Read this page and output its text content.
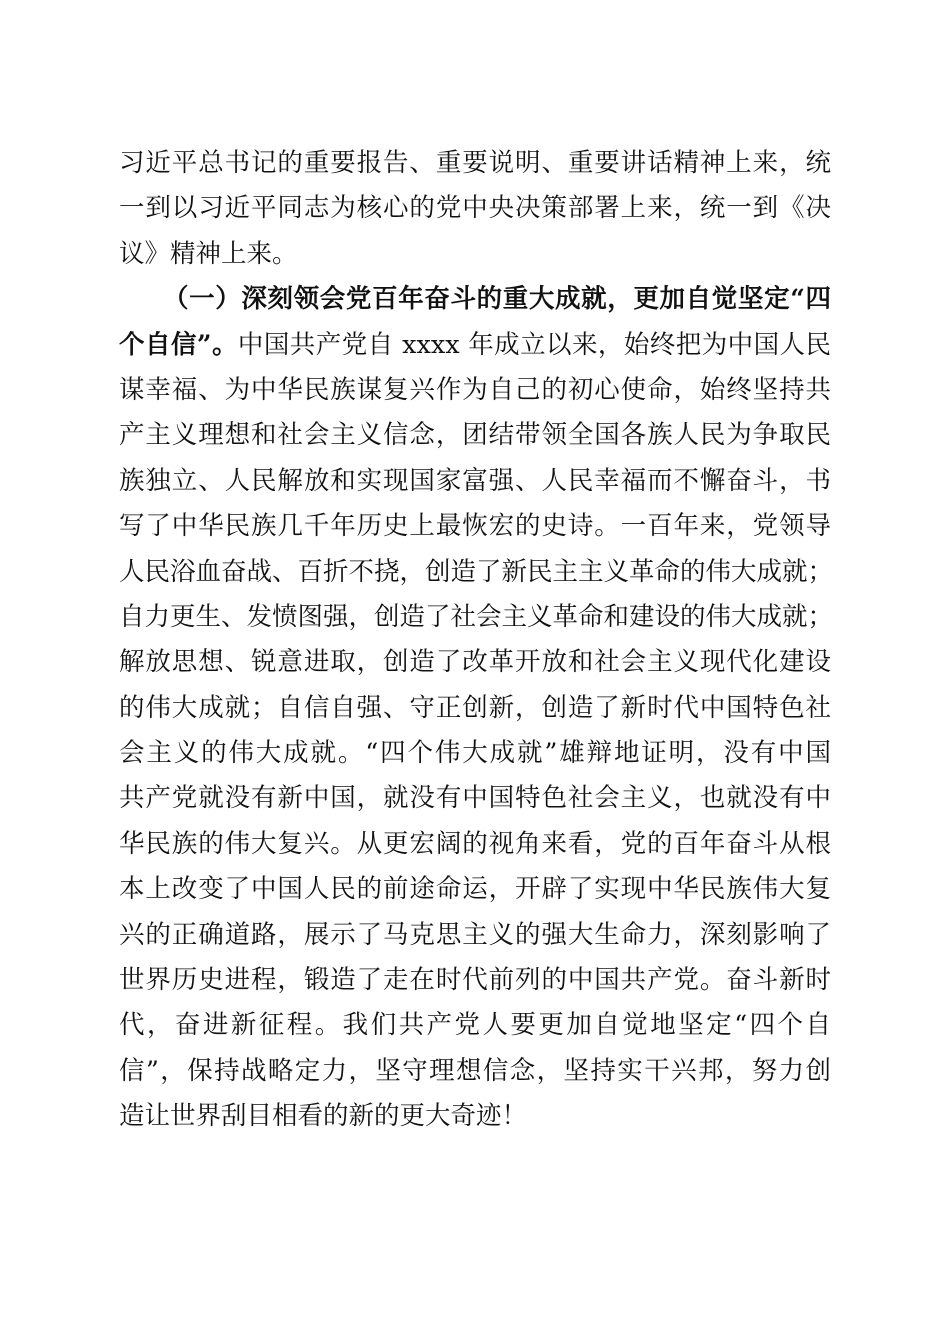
习近平总书记的重要报告、重要说明、重要讲话精神上来，统
一到以习近平同志为核心的党中央决策部署上来，统一到《决
议》精神上来。
（一）深刻领会党百年奋斗的重大成就，更加自觉坚定“四
个自信”。中国共产党自 xxxx 年成立以来，始终把为中国人民
谋幸福、为中华民族谋复兴作为自己的初心使命，始终坚持共
产主义理想和社会主义信念，团结带领全国各族人民为争取民
族独立、人民解放和实现国家富强、人民幸福而不懈奋斗，书
写了中华民族几千年历史上最恢宏的史诗。一百年来，党领导
人民浴血奋战、百折不挠，创造了新民主主义革命的伟大成就；
自力更生、发愤图强，创造了社会主义革命和建设的伟大成就；
解放思想、锐意进取，创造了改革开放和社会主义现代化建设
的伟大成就；自信自强、守正创新，创造了新时代中国特色社
会主义的伟大成就。“四个伟大成就”雄辩地证明，没有中国
共产党就没有新中国，就没有中国特色社会主义，也就没有中
华民族的伟大复兴。从更宏阔的视角来看，党的百年奋斗从根
本上改变了中国人民的前途命运，开辟了实现中华民族伟大复
兴的正确道路，展示了马克思主义的强大生命力，深刻影响了
世界历史进程，锻造了走在时代前列的中国共产党。奋斗新时
代，奋进新征程。我们共产党人要更加自觉地坚定“四个自
信”，保持战略定力，坚守理想信念，坚持实干兴邦，努力创
造让世界刮目相看的新的更大奇迹！
